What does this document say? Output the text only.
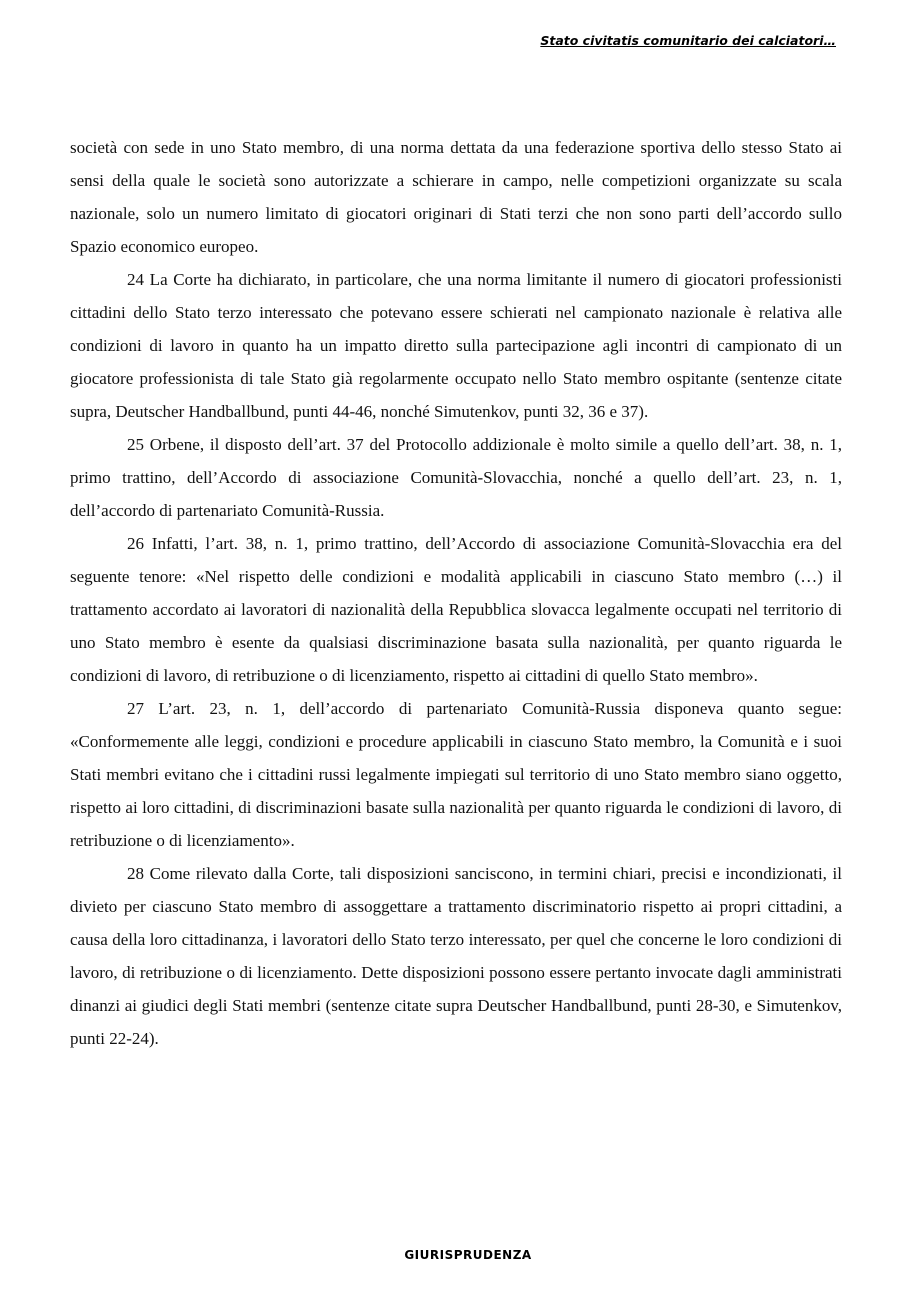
Stato civitatis comunitario dei calciatori…

società con sede in uno Stato membro, di una norma dettata da una federazione sportiva dello stesso Stato ai sensi della quale le società sono autorizzate a schierare in campo, nelle competizioni organizzate su scala nazionale, solo un numero limitato di giocatori originari di Stati terzi che non sono parti dell’accordo sullo Spazio economico europeo.

24 La Corte ha dichiarato, in particolare, che una norma limitante il numero di giocatori professionisti cittadini dello Stato terzo interessato che potevano essere schierati nel campionato nazionale è relativa alle condizioni di lavoro in quanto ha un impatto diretto sulla partecipazione agli incontri di campionato di un giocatore professionista di tale Stato già regolarmente occupato nello Stato membro ospitante (sentenze citate supra, Deutscher Handballbund, punti 44-46, nonché Simutenkov, punti 32, 36 e 37).

25 Orbene, il disposto dell’art. 37 del Protocollo addizionale è molto simile a quello dell’art. 38, n. 1, primo trattino, dell’Accordo di associazione Comunità-Slovacchia, nonché a quello dell’art. 23, n. 1, dell’accordo di partenariato Comunità-Russia.

26 Infatti, l’art. 38, n. 1, primo trattino, dell’Accordo di associazione Comunità-Slovacchia era del seguente tenore: «Nel rispetto delle condizioni e modalità applicabili in ciascuno Stato membro (…) il trattamento accordato ai lavoratori di nazionalità della Repubblica slovacca legalmente occupati nel territorio di uno Stato membro è esente da qualsiasi discriminazione basata sulla nazionalità, per quanto riguarda le condizioni di lavoro, di retribuzione o di licenziamento, rispetto ai cittadini di quello Stato membro».

27 L’art. 23, n. 1, dell’accordo di partenariato Comunità-Russia disponeva quanto segue: «Conformemente alle leggi, condizioni e procedure applicabili in ciascuno Stato membro, la Comunità e i suoi Stati membri evitano che i cittadini russi legalmente impiegati sul territorio di uno Stato membro siano oggetto, rispetto ai loro cittadini, di discriminazioni basate sulla nazionalità per quanto riguarda le condizioni di lavoro, di retribuzione o di licenziamento».

28 Come rilevato dalla Corte, tali disposizioni sanciscono, in termini chiari, precisi e incondizionati, il divieto per ciascuno Stato membro di assoggettare a trattamento discriminatorio rispetto ai propri cittadini, a causa della loro cittadinanza, i lavoratori dello Stato terzo interessato, per quel che concerne le loro condizioni di lavoro, di retribuzione o di licenziamento. Dette disposizioni possono essere pertanto invocate dagli amministrati dinanzi ai giudici degli Stati membri (sentenze citate supra Deutscher Handballbund, punti 28-30, e Simutenkov, punti 22-24).

GIURISPRUDENZA
